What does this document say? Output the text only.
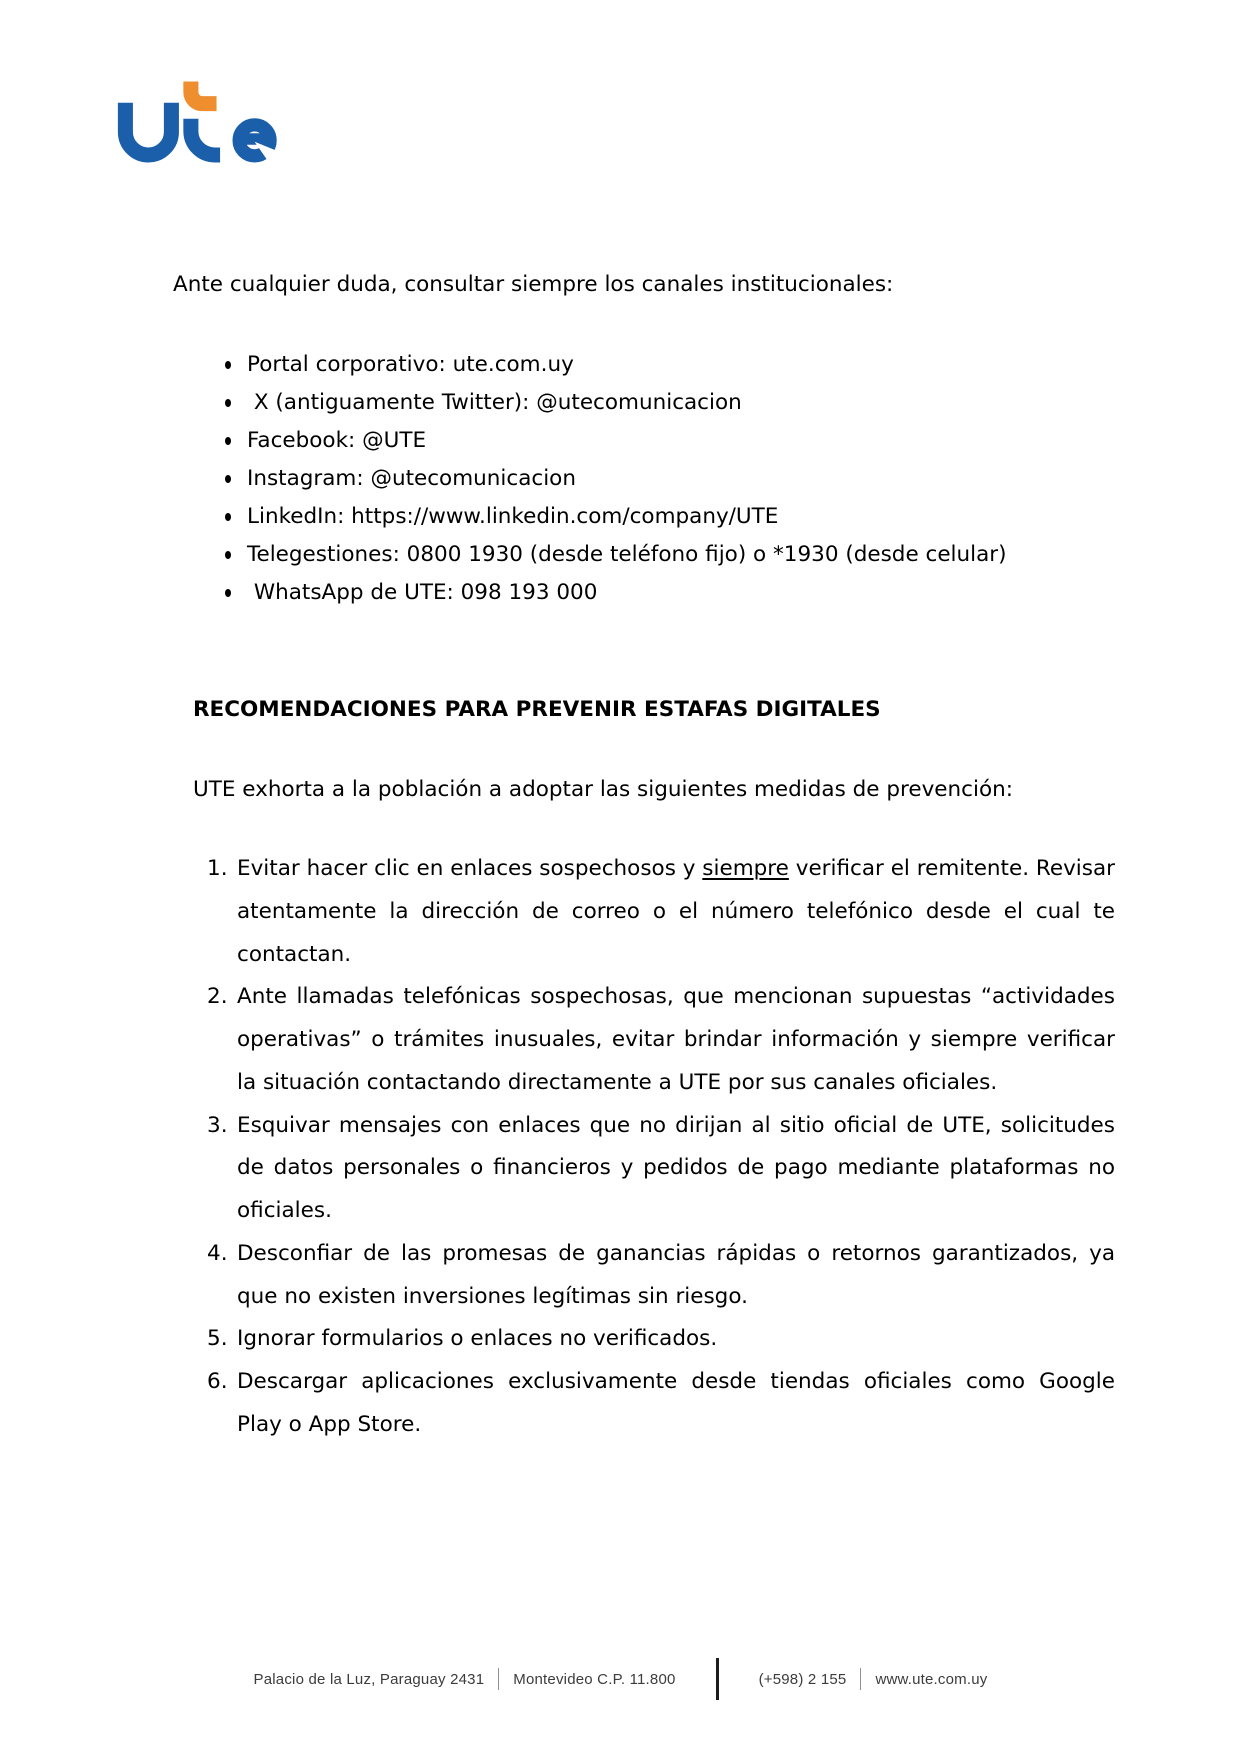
Ante cualquier duda, consultar siempre los canales institucionales:

Portal corporativo: ute.com.uy
X (antiguamente Twitter): @utecomunicacion
Facebook: @UTE
Instagram: @utecomunicacion
LinkedIn: https://www.linkedin.com/company/UTE
Telegestiones: 0800 1930 (desde teléfono fijo) o *1930 (desde celular)
WhatsApp de UTE: 098 193 000
RECOMENDACIONES PARA PREVENIR ESTAFAS DIGITALES

UTE exhorta a la población a adoptar las siguientes medidas de prevención:

Evitar hacer clic en enlaces sospechosos y siempre verificar el remitente. Revisar atentamente la dirección de correo o el número telefónico desde el cual te contactan.
Ante llamadas telefónicas sospechosas, que mencionan supuestas “actividades operativas” o trámites inusuales, evitar brindar información y siempre verificar la situación contactando directamente a UTE por sus canales oficiales.
Esquivar mensajes con enlaces que no dirijan al sitio oficial de UTE, solicitudes de datos personales o financieros y pedidos de pago mediante plataformas no oficiales.
Desconfiar de las promesas de ganancias rápidas o retornos garantizados, ya que no existen inversiones legítimas sin riesgo.
Ignorar formularios o enlaces no verificados.
Descargar aplicaciones exclusivamente desde tiendas oficiales como Google Play o App Store.
Palacio de la Luz, Paraguay 2431 Montevideo C.P. 11.800	(+598) 2 155 www.ute.com.uy
